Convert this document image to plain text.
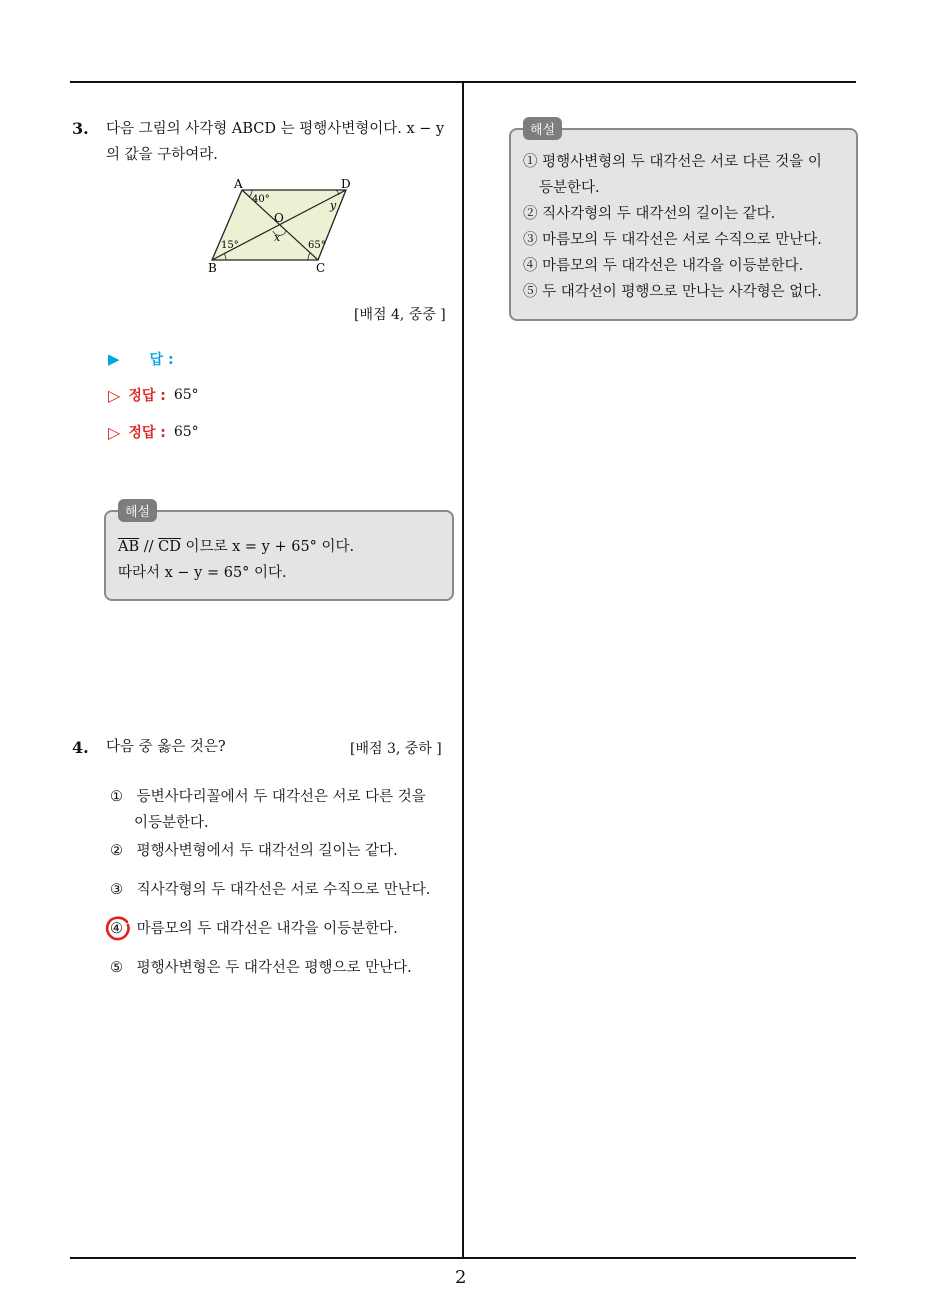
3. 다음 그림의 사각형 ABCD 는 평행사변형이다. x − y
의 값을 구하여라.
A	D
B	C
O
40°
15°	65°
y
x
[배점 4, 중중 ]
▶ 답 :
▷ 정답 : 65°
▷ 정답 : 65°
$\overline{AB} // \overline{CD}$ 이므로 x = y + 65° 이다.
따라서 x − y = 65° 이다.
해설
4. 다음 중 옳은 것은?	[배점 3, 중하 ]
① 등변사다리꼴에서 두 대각선은 서로 다른 것을
이등분한다.
② 평행사변형에서 두 대각선의 길이는 같다.
③ 직사각형의 두 대각선은 서로 수직으로 만난다.
④ 마름모의 두 대각선은 내각을 이등분한다.
⑤ 평행사변형은 두 대각선은 평행으로 만난다.
① 평행사변형의 두 대각선은 서로 다른 것을 이
등분한다.
② 직사각형의 두 대각선의 길이는 같다.
③ 마름모의 두 대각선은 서로 수직으로 만난다.
④ 마름모의 두 대각선은 내각을 이등분한다.
⑤ 두 대각선이 평행으로 만나는 사각형은 없다.
해설
2
